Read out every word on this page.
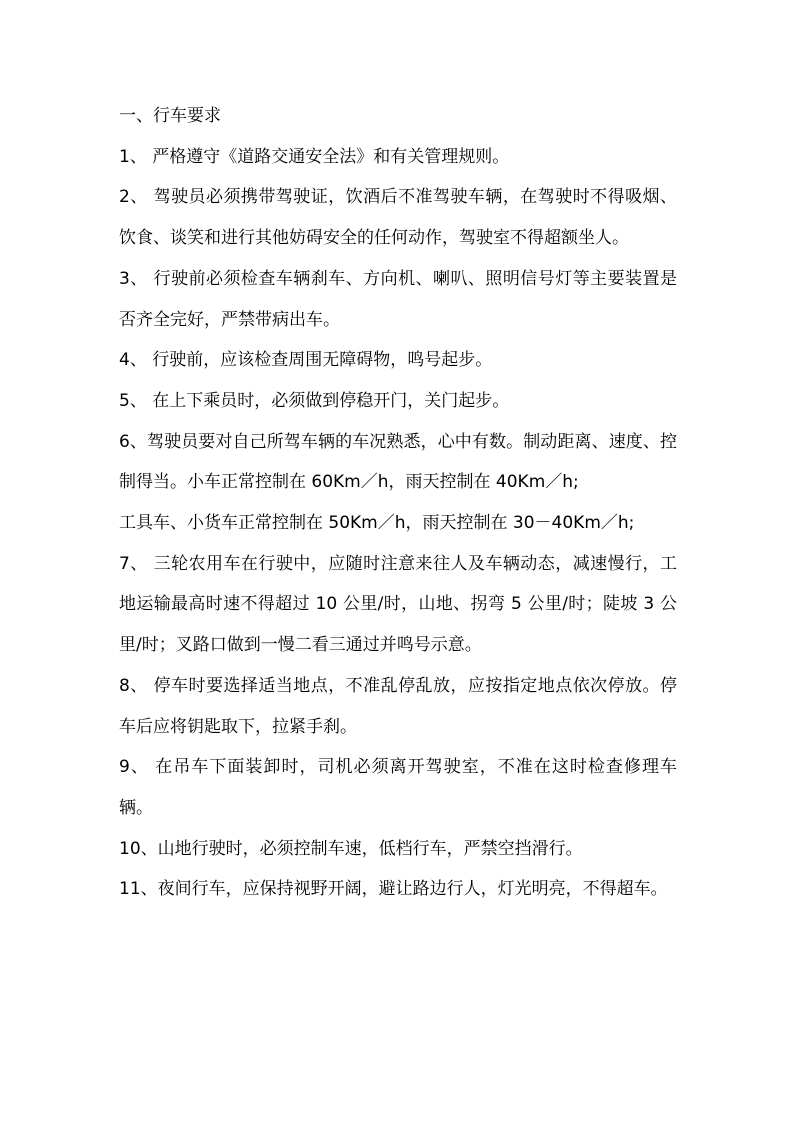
一、行车要求

1、 严格遵守《道路交通安全法》和有关管理规则。

2、 驾驶员必须携带驾驶证，饮酒后不准驾驶车辆，在驾驶时不得吸烟、饮食、谈笑和进行其他妨碍安全的任何动作，驾驶室不得超额坐人。

3、 行驶前必须检查车辆刹车、方向机、喇叭、照明信号灯等主要装置是否齐全完好，严禁带病出车。

4、 行驶前，应该检查周围无障碍物，鸣号起步。

5、 在上下乘员时，必须做到停稳开门，关门起步。

6、驾驶员要对自己所驾车辆的车况熟悉，心中有数。制动距离、速度、控制得当。小车正常控制在 60Km／h，雨天控制在 40Km／h;

工具车、小货车正常控制在 50Km／h，雨天控制在 30－40Km／h;

7、 三轮农用车在行驶中，应随时注意来往人及车辆动态，减速慢行，工地运输最高时速不得超过 10 公里/时，山地、拐弯 5 公里/时；陡坡 3 公里/时；叉路口做到一慢二看三通过并鸣号示意。

8、 停车时要选择适当地点，不准乱停乱放，应按指定地点依次停放。停车后应将钥匙取下，拉紧手刹。

9、 在吊车下面装卸时，司机必须离开驾驶室，不准在这时检查修理车辆。

10、山地行驶时，必须控制车速，低档行车，严禁空挡滑行。

11、夜间行车，应保持视野开阔，避让路边行人，灯光明亮，不得超车。
